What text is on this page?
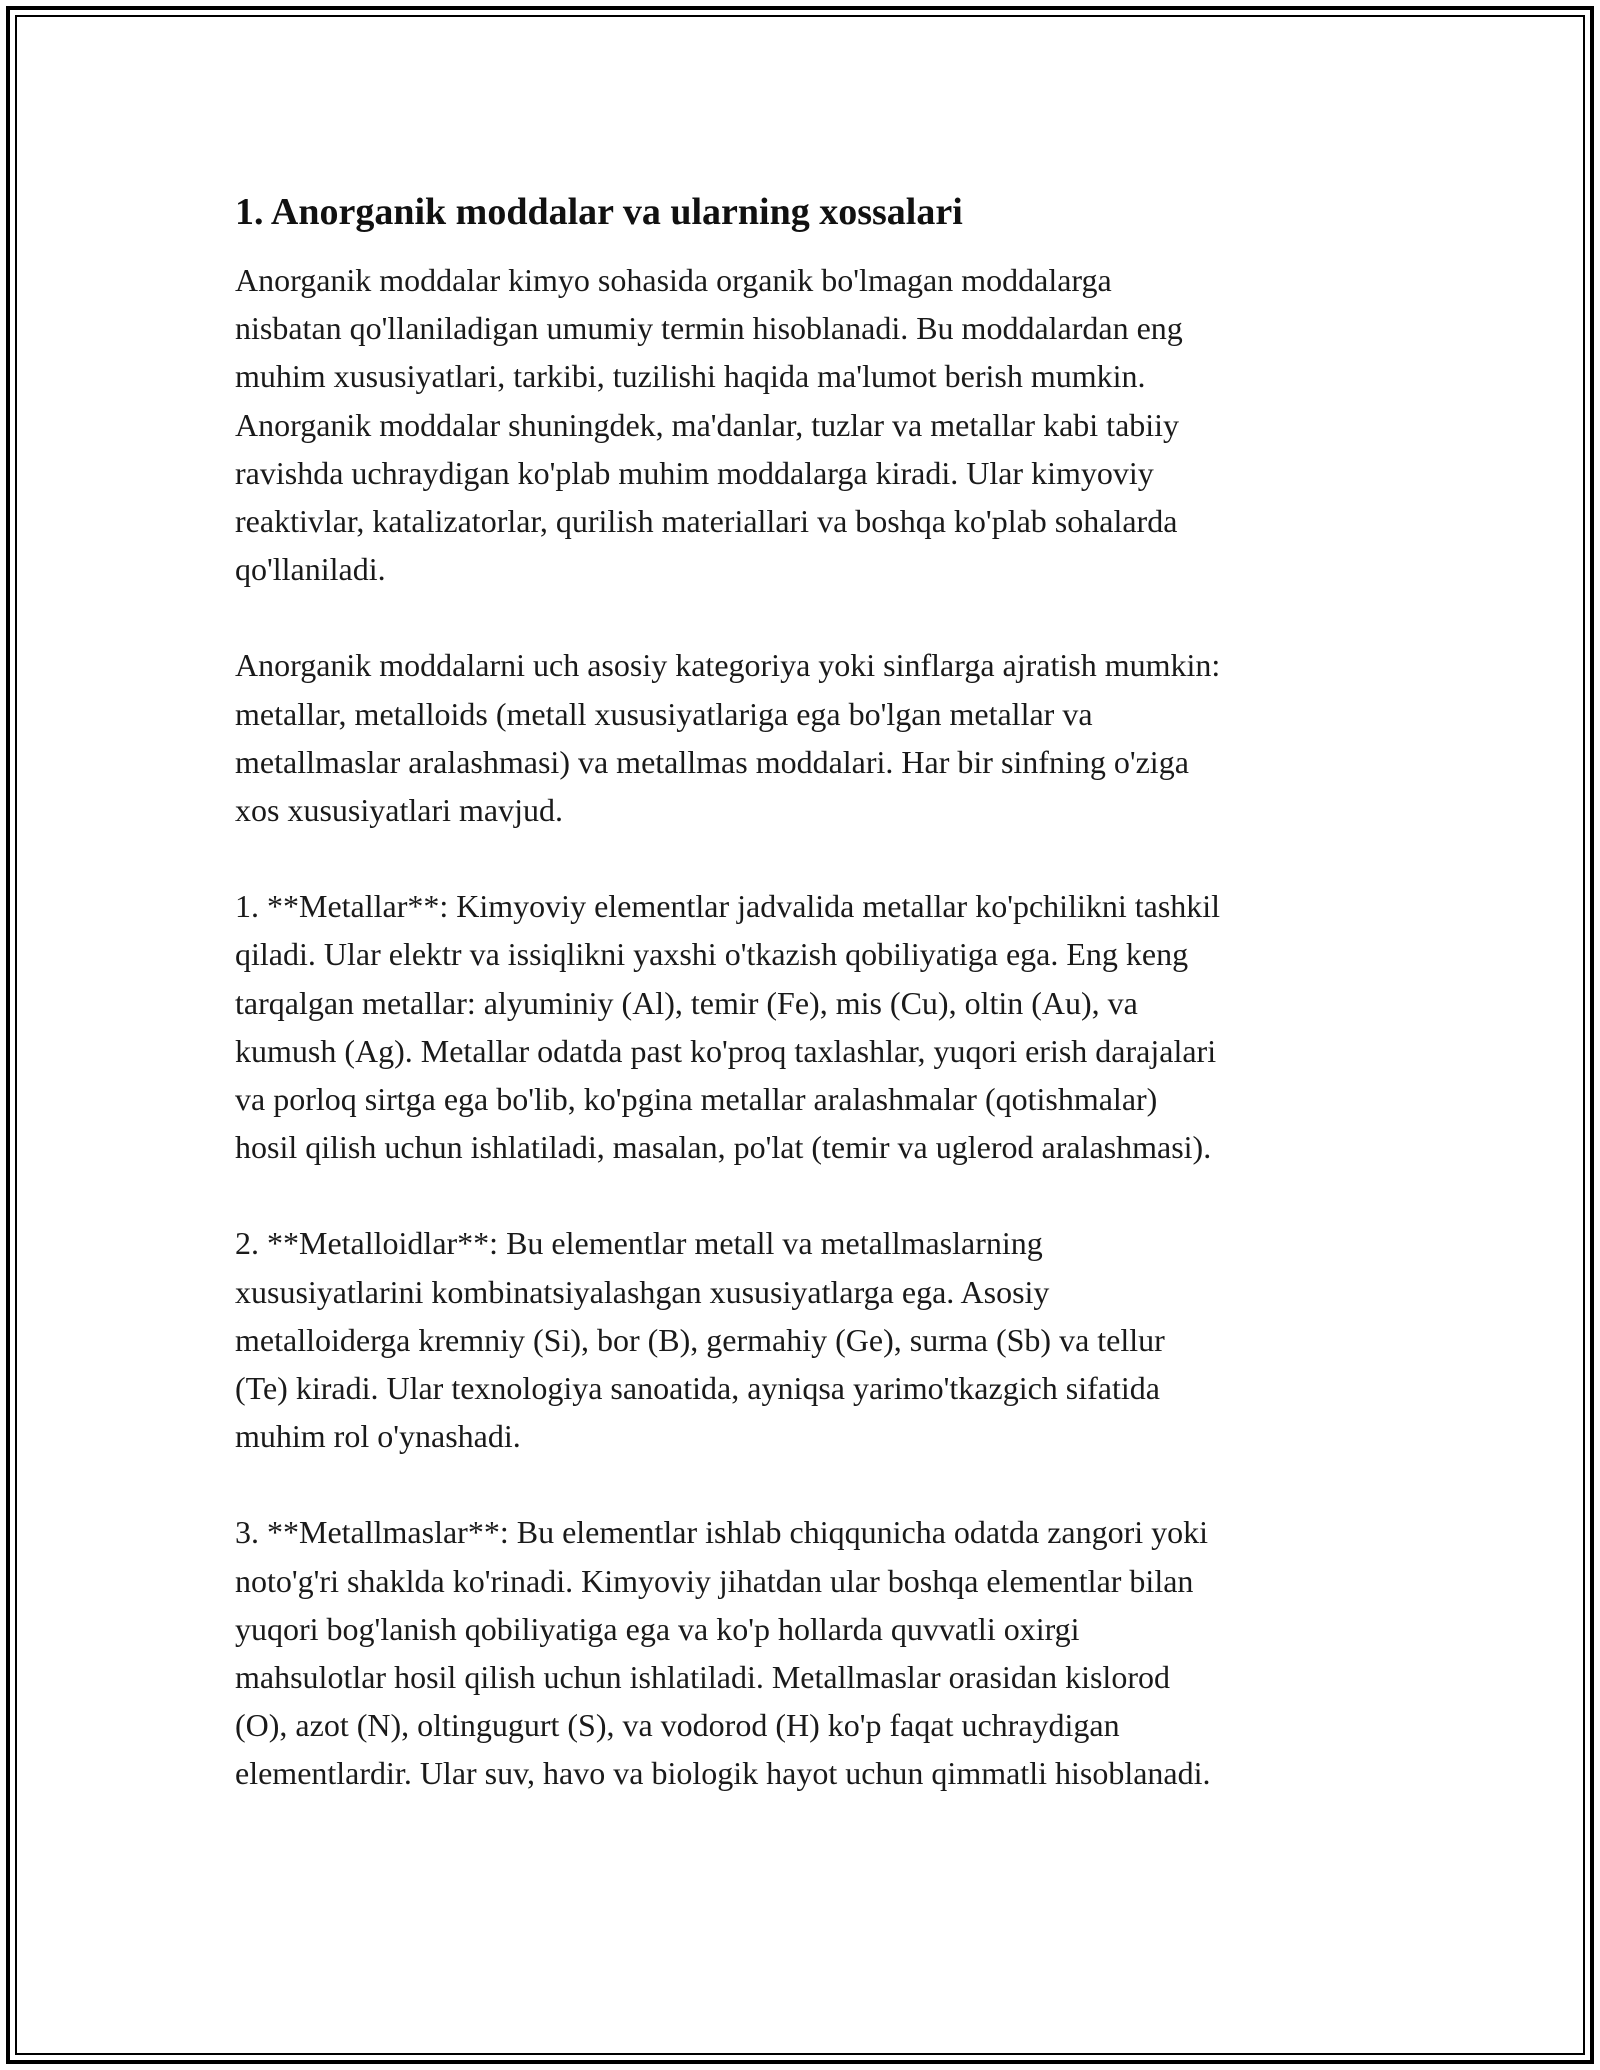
1. Anorganik moddalar va ularning xossalari

Anorganik moddalar kimyo sohasida organik bo'lmagan moddalarga
nisbatan qo'llaniladigan umumiy termin hisoblanadi. Bu moddalardan eng
muhim xususiyatlari, tarkibi, tuzilishi haqida ma'lumot berish mumkin.
Anorganik moddalar shuningdek, ma'danlar, tuzlar va metallar kabi tabiiy
ravishda uchraydigan ko'plab muhim moddalarga kiradi. Ular kimyoviy
reaktivlar, katalizatorlar, qurilish materiallari va boshqa ko'plab sohalarda
qo'llaniladi.

Anorganik moddalarni uch asosiy kategoriya yoki sinflarga ajratish mumkin:
metallar, metalloids (metall xususiyatlariga ega bo'lgan metallar va
metallmaslar aralashmasi) va metallmas moddalari. Har bir sinfning o'ziga
xos xususiyatlari mavjud.

1. **Metallar**: Kimyoviy elementlar jadvalida metallar ko'pchilikni tashkil
qiladi. Ular elektr va issiqlikni yaxshi o'tkazish qobiliyatiga ega. Eng keng
tarqalgan metallar: alyuminiy (Al), temir (Fe), mis (Cu), oltin (Au), va
kumush (Ag). Metallar odatda past ko'proq taxlashlar, yuqori erish darajalari
va porloq sirtga ega bo'lib, ko'pgina metallar aralashmalar (qotishmalar)
hosil qilish uchun ishlatiladi, masalan, po'lat (temir va uglerod aralashmasi).

2. **Metalloidlar**: Bu elementlar metall va metallmaslarning
xususiyatlarini kombinatsiyalashgan xususiyatlarga ega. Asosiy
metalloiderga kremniy (Si), bor (B), germahiy (Ge), surma (Sb) va tellur
(Te) kiradi. Ular texnologiya sanoatida, ayniqsa yarimo'tkazgich sifatida
muhim rol o'ynashadi.

3. **Metallmaslar**: Bu elementlar ishlab chiqqunicha odatda zangori yoki
noto'g'ri shaklda ko'rinadi. Kimyoviy jihatdan ular boshqa elementlar bilan
yuqori bog'lanish qobiliyatiga ega va ko'p hollarda quvvatli oxirgi
mahsulotlar hosil qilish uchun ishlatiladi. Metallmaslar orasidan kislorod
(O), azot (N), oltingugurt (S), va vodorod (H) ko'p faqat uchraydigan
elementlardir. Ular suv, havo va biologik hayot uchun qimmatli hisoblanadi.
